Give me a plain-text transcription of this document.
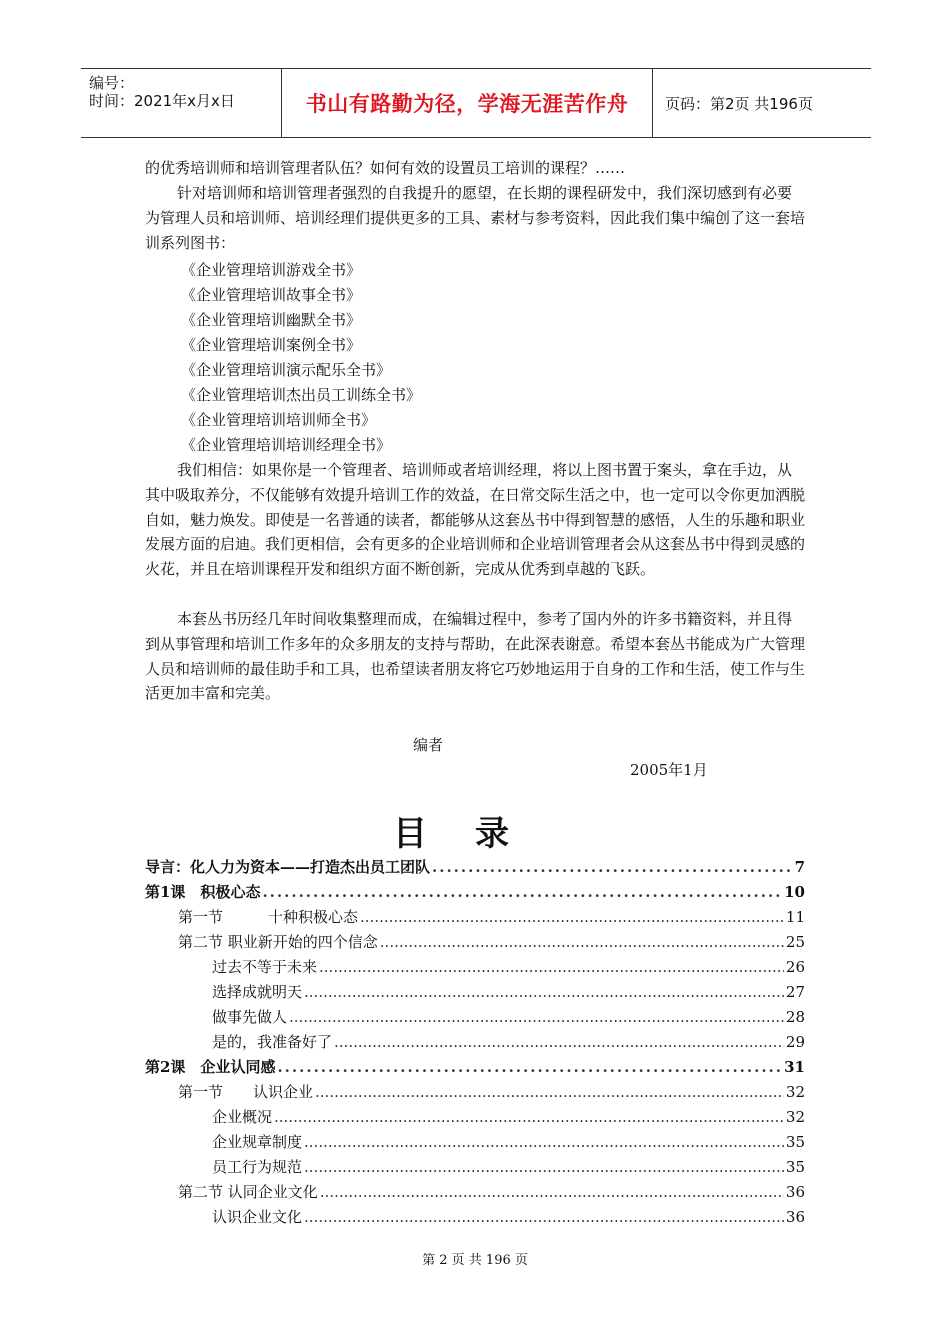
编号：
时间：2021年x月x日	书山有路勤为径，学海无涯苦作舟	页码：第2页 共196页
的优秀培训师和培训管理者队伍？如何有效的设置员工培训的课程？……
针对培训师和培训管理者强烈的自我提升的愿望，在长期的课程研发中，我们深切感到有必要为管理人员和培训师、培训经理们提供更多的工具、素材与参考资料，因此我们集中编创了这一套培训系列图书：
《企业管理培训游戏全书》
《企业管理培训故事全书》
《企业管理培训幽默全书》
《企业管理培训案例全书》
《企业管理培训演示配乐全书》
《企业管理培训杰出员工训练全书》
《企业管理培训培训师全书》
《企业管理培训培训经理全书》
我们相信：如果你是一个管理者、培训师或者培训经理，将以上图书置于案头，拿在手边，从其中吸取养分，不仅能够有效提升培训工作的效益，在日常交际生活之中，也一定可以令你更加洒脱自如，魅力焕发。即使是一名普通的读者，都能够从这套丛书中得到智慧的感悟，人生的乐趣和职业发展方面的启迪。我们更相信，会有更多的企业培训师和企业培训管理者会从这套丛书中得到灵感的火花，并且在培训课程开发和组织方面不断创新，完成从优秀到卓越的飞跃。
本套丛书历经几年时间收集整理而成，在编辑过程中，参考了国内外的许多书籍资料，并且得到从事管理和培训工作多年的众多朋友的支持与帮助，在此深表谢意。希望本套丛书能成为广大管理人员和培训师的最佳助手和工具，也希望读者朋友将它巧妙地运用于自身的工作和生活，使工作与生活更加丰富和完美。
编者
2005年1月
目录
导言：化人力为资本——打造杰出员工团队 .....	7
第1课　积极心态 .....	10
第一节　　　十种积极心态 .....	11
第二节 职业新开始的四个信念 .....	25
过去不等于未来 .....	26
选择成就明天 .....	27
做事先做人 .....	28
是的，我准备好了 .....	29
第2课　企业认同感 .....	31
第一节　　认识企业 .....	32
企业概况 .....	32
企业规章制度 .....	35
员工行为规范 .....	35
第二节 认同企业文化 .....	36
认识企业文化 .....	36
第 2 页 共 196 页
